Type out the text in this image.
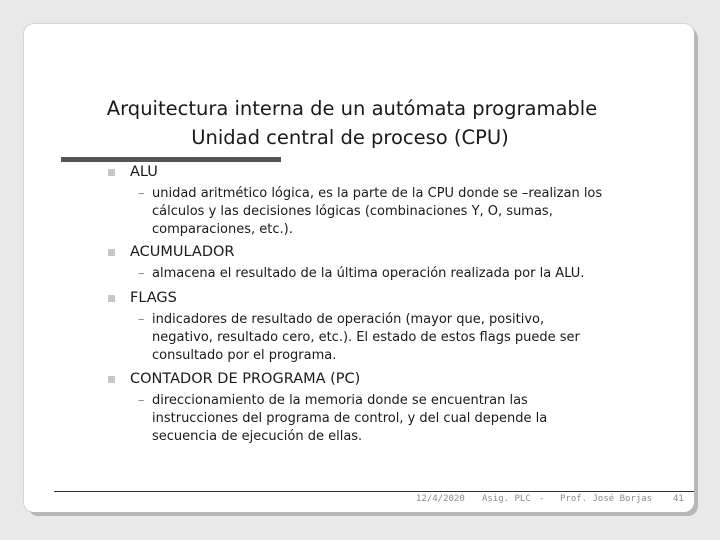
Arquitectura interna de un autómata programable
Unidad central de proceso (CPU)
ALU
– unidad aritmético lógica, es la parte de la CPU donde se –realizan los cálculos y las decisiones lógicas (combinaciones Y, O, sumas, comparaciones, etc.).
ACUMULADOR
– almacena el resultado de la última operación realizada por la ALU.
FLAGS
– indicadores de resultado de operación (mayor que, positivo, negativo, resultado cero, etc.). El estado de estos flags puede ser consultado por el programa.
CONTADOR DE PROGRAMA (PC)
– direccionamiento de la memoria donde se encuentran las instrucciones del programa de control, y del cual depende la secuencia de ejecución de ellas.
12/4/2020 Asig. PLC - Prof. José Borjas 41
